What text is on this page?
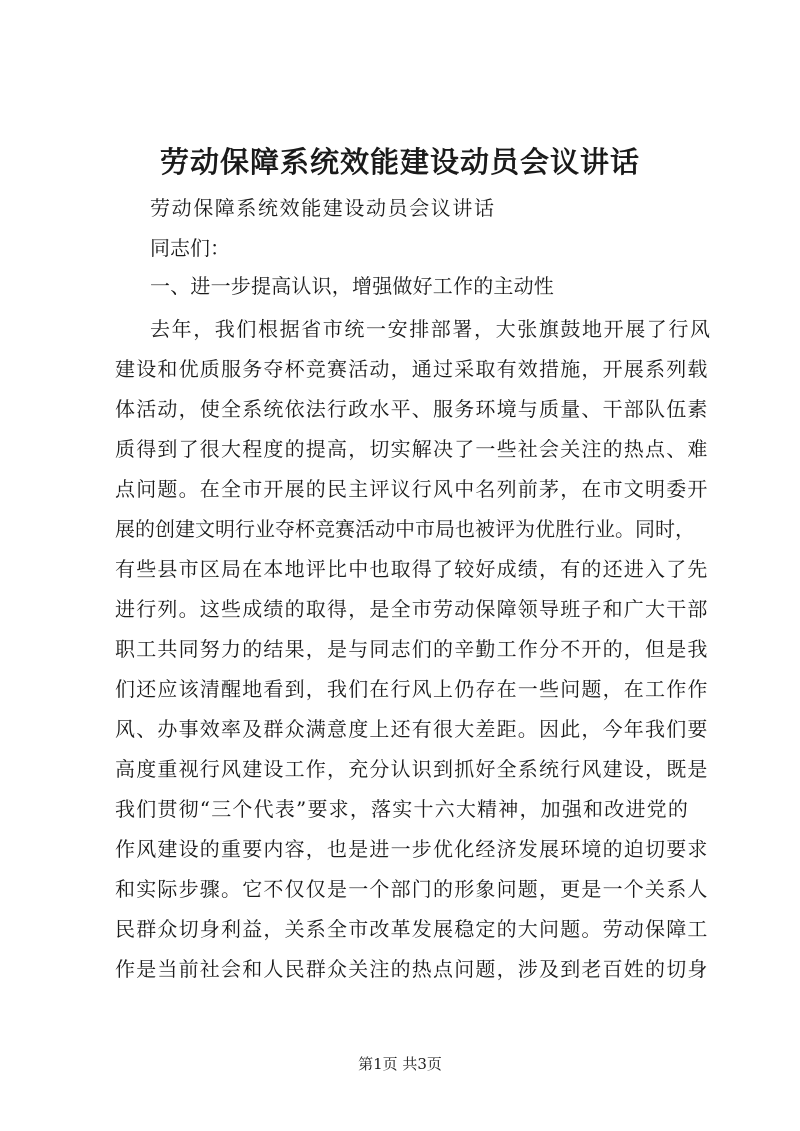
劳动保障系统效能建设动员会议讲话

劳动保障系统效能建设动员会议讲话

同志们：

一、进一步提高认识，增强做好工作的主动性

去年，我们根据省市统一安排部署，大张旗鼓地开展了行风

建设和优质服务夺杯竞赛活动，通过采取有效措施，开展系列载

体活动，使全系统依法行政水平、服务环境与质量、干部队伍素

质得到了很大程度的提高，切实解决了一些社会关注的热点、难

点问题。在全市开展的民主评议行风中名列前茅，在市文明委开

展的创建文明行业夺杯竞赛活动中市局也被评为优胜行业。同时，

有些县市区局在本地评比中也取得了较好成绩，有的还进入了先

进行列。这些成绩的取得，是全市劳动保障领导班子和广大干部

职工共同努力的结果，是与同志们的辛勤工作分不开的，但是我

们还应该清醒地看到，我们在行风上仍存在一些问题，在工作作

风、办事效率及群众满意度上还有很大差距。因此，今年我们要

高度重视行风建设工作，充分认识到抓好全系统行风建设，既是

我们贯彻“三个代表”要求，落实十六大精神，加强和改进党的

作风建设的重要内容，也是进一步优化经济发展环境的迫切要求

和实际步骤。它不仅仅是一个部门的形象问题，更是一个关系人

民群众切身利益，关系全市改革发展稳定的大问题。劳动保障工

作是当前社会和人民群众关注的热点问题，涉及到老百姓的切身

第1页 共3页
